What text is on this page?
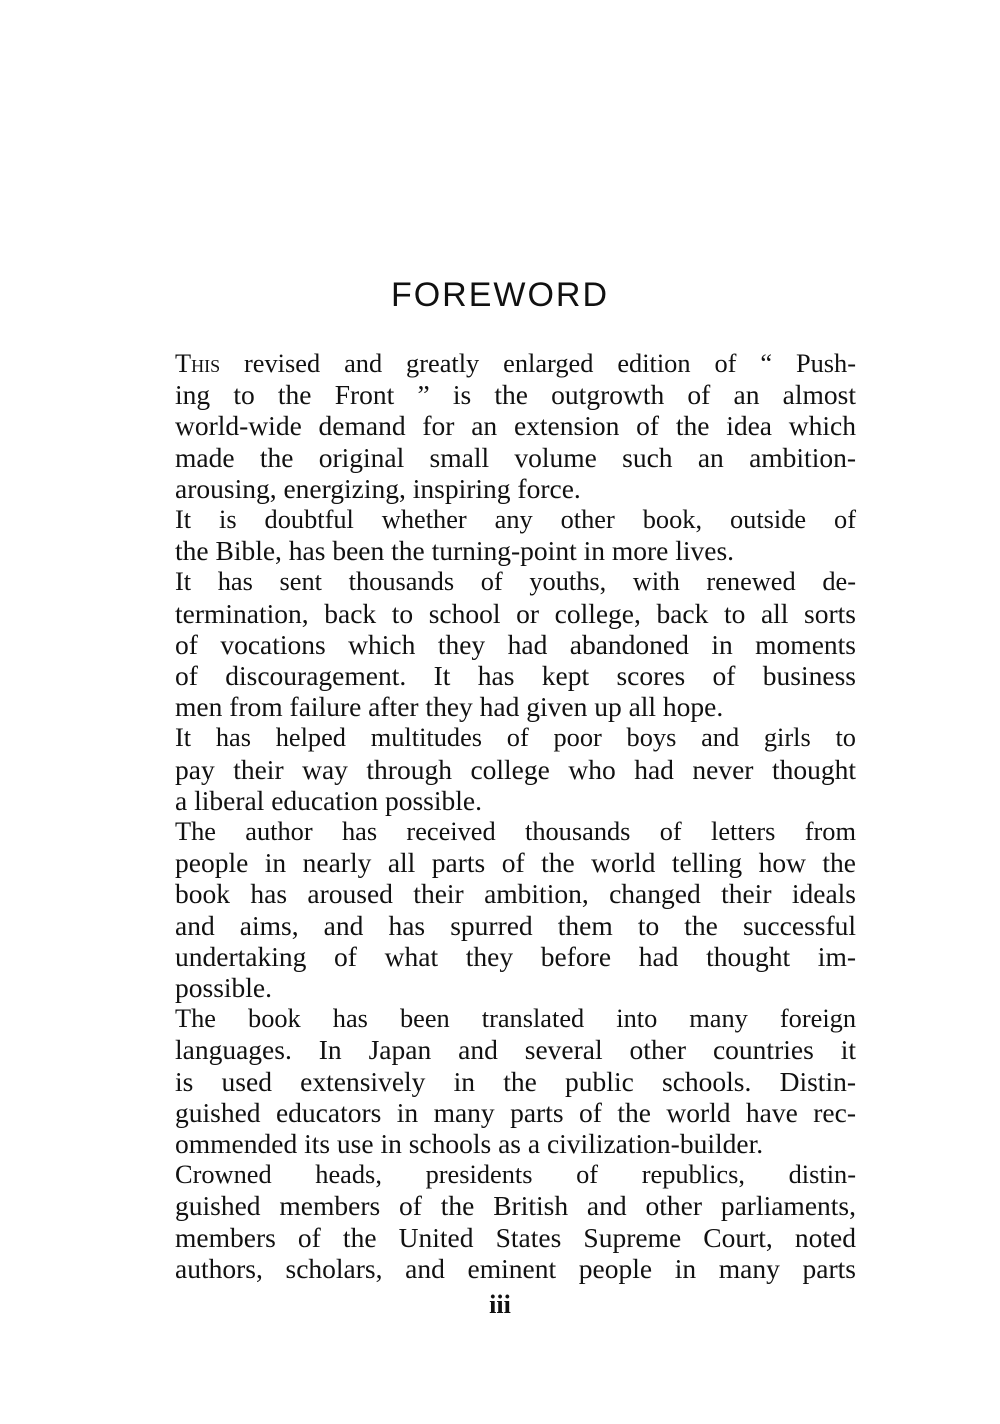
FOREWORD

This revised and greatly enlarged edition of “ Push-
ing to the Front ” is the outgrowth of an almost
world-wide demand for an extension of the idea which
made the original small volume such an ambition-
arousing, energizing, inspiring force.

It is doubtful whether any other book, outside of
the Bible, has been the turning-point in more lives.

It has sent thousands of youths, with renewed de-
termination, back to school or college, back to all sorts
of vocations which they had abandoned in moments
of discouragement. It has kept scores of business
men from failure after they had given up all hope.

It has helped multitudes of poor boys and girls to
pay their way through college who had never thought
a liberal education possible.

The author has received thousands of letters from
people in nearly all parts of the world telling how the
book has aroused their ambition, changed their ideals
and aims, and has spurred them to the successful
undertaking of what they before had thought im-
possible.

The book has been translated into many foreign
languages. In Japan and several other countries it
is used extensively in the public schools. Distin-
guished educators in many parts of the world have rec-
ommended its use in schools as a civilization-builder.

Crowned heads, presidents of republics, distin-
guished members of the British and other parliaments,
members of the United States Supreme Court, noted
authors, scholars, and eminent people in many parts

iii
